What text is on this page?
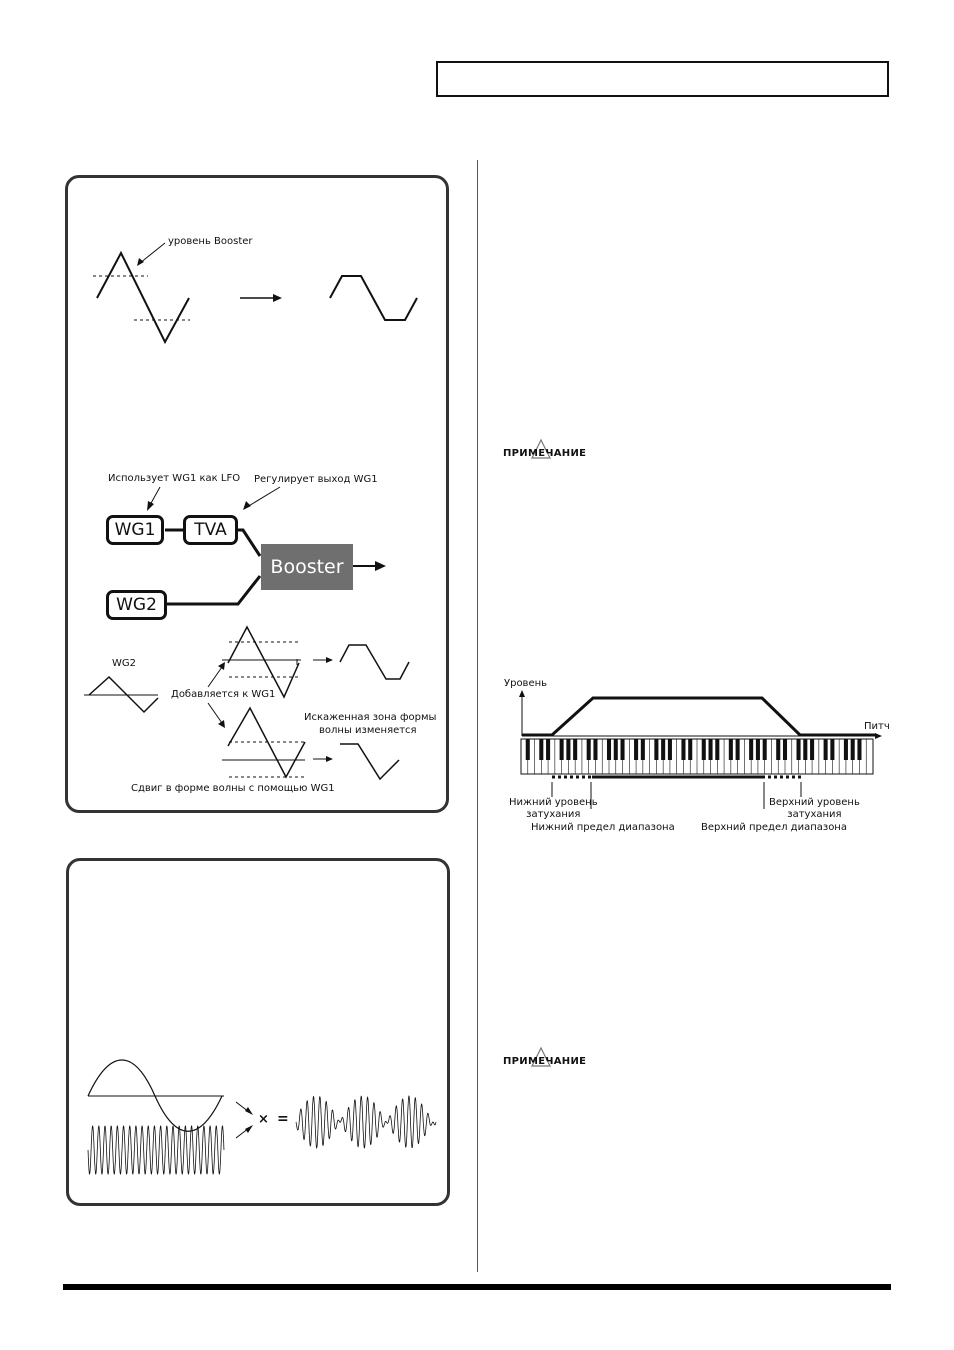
уровень Booster
Использует WG1 как LFO Регулирует выход WG1
WG1	TVA
Booster
WG2
WG2
Добавляется к WG1
Искаженная зона формы
волны изменяется
Сдвиг в форме волны с помощью WG1
× =
ПРИМЕЧАНИЕ
ПРИМЕЧАНИЕ
Уровень
Питч
Нижний уровень
затухания
Нижний предел диапазона
Верхний уровень
затухания
Верхний предел диапазона
